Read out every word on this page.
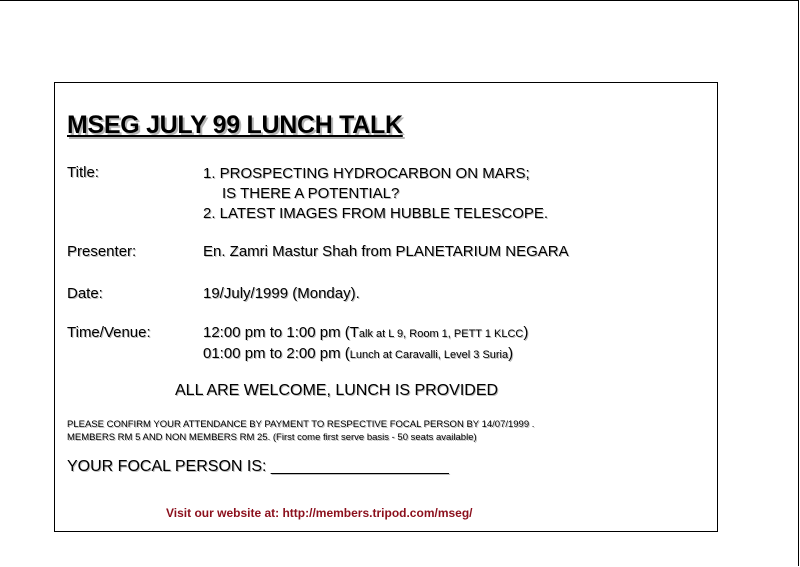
MSEG JULY 99 LUNCH TALK
Title:	1. PROSPECTING HYDROCARBON ON MARS;
IS THERE A POTENTIAL?
2. LATEST IMAGES FROM HUBBLE TELESCOPE.
Presenter:	En. Zamri Mastur Shah from PLANETARIUM NEGARA
Date:	19/July/1999 (Monday).
Time/Venue:	12:00 pm to 1:00 pm (Talk at L 9, Room 1, PETT 1 KLCC)
01:00 pm to 2:00 pm (Lunch at Caravalli, Level 3 Suria)
ALL ARE WELCOME, LUNCH IS PROVIDED
PLEASE CONFIRM YOUR ATTENDANCE BY PAYMENT TO RESPECTIVE FOCAL PERSON BY 14/07/1999 .
MEMBERS RM 5 AND NON MEMBERS RM 25. (First come first serve basis - 50 seats available)
YOUR FOCAL PERSON IS: ____________________
Visit our website at: http://members.tripod.com/mseg/
